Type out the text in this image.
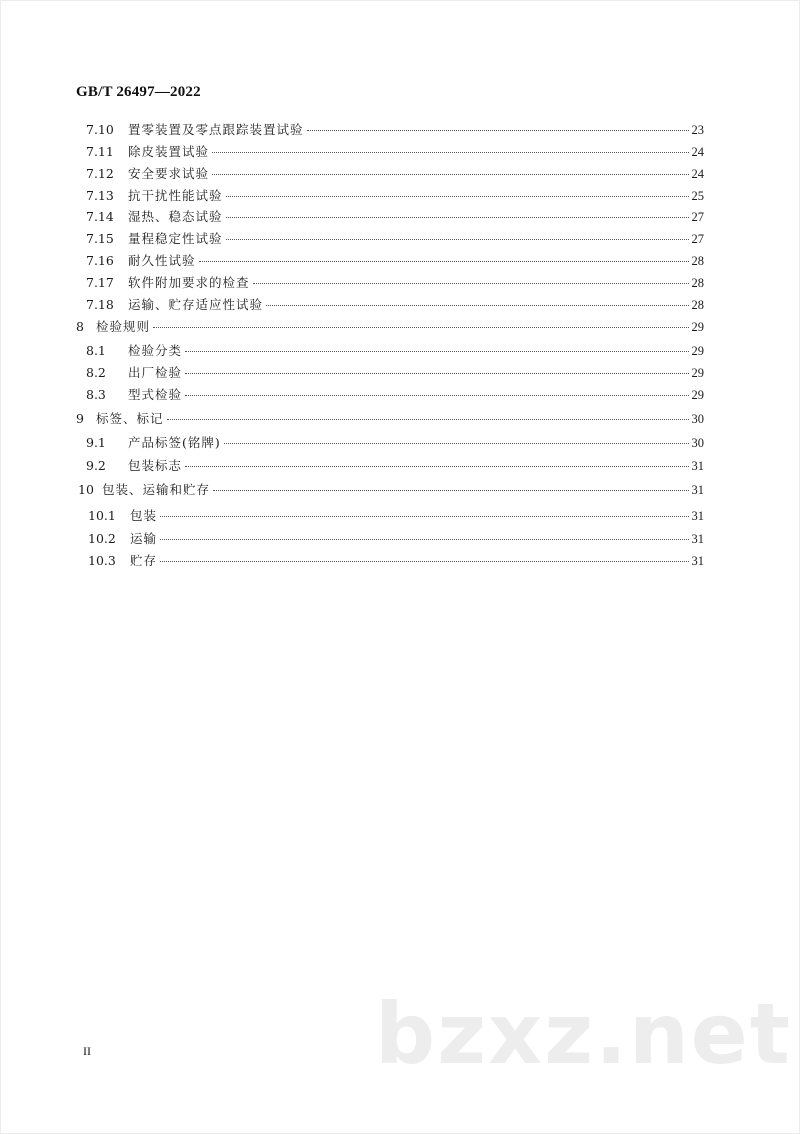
GB/T 26497—2022
7.10	置零装置及零点跟踪装置试验	23
7.11	除皮装置试验	24
7.12	安全要求试验	24
7.13	抗干扰性能试验	25
7.14	湿热、稳态试验	27
7.15	量程稳定性试验	27
7.16	耐久性试验	28
7.17	软件附加要求的检查	28
7.18	运输、贮存适应性试验	28
8 检验规则	29
8.1	检验分类	29
8.2	出厂检验	29
8.3	型式检验	29
9 标签、标记	30
9.1	产品标签(铭牌)	30
9.2	包装标志	31
10 包装、运输和贮存	31
10.1	包装	31
10.2	运输	31
10.3	贮存	31
II	bzxz.net
